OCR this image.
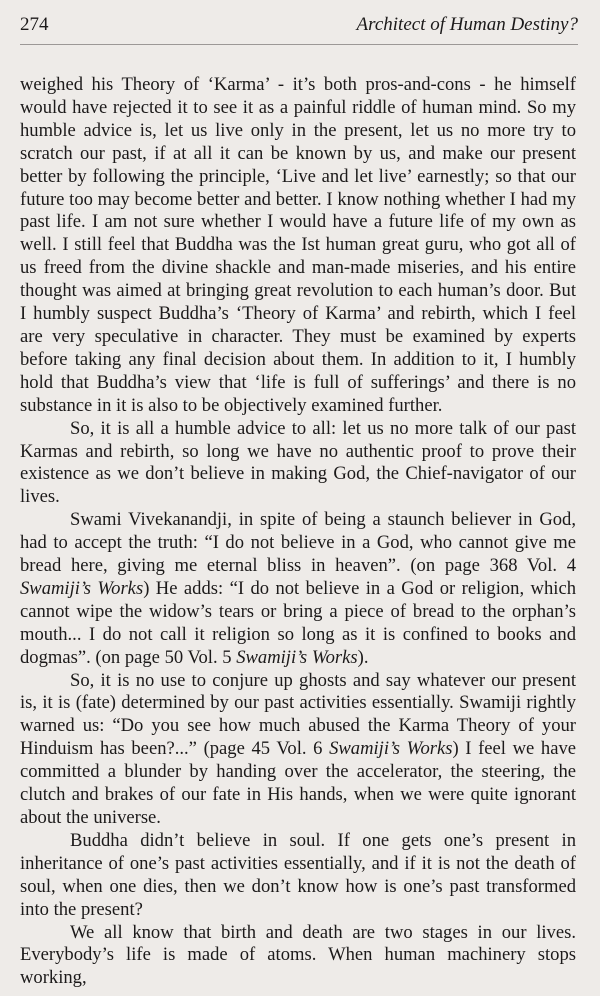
274	Architect of Human Destiny?

weighed his Theory of ‘Karma’ - it’s both pros-and-cons - he himself would have rejected it to see it as a painful riddle of human mind. So my humble advice is, let us live only in the present, let us no more try to scratch our past, if at all it can be known by us, and make our present better by following the principle, ‘Live and let live’ earnestly; so that our future too may become better and better. I know nothing whether I had my past life. I am not sure whether I would have a future life of my own as well. I still feel that Buddha was the Ist human great guru, who got all of us freed from the divine shackle and man-made miseries, and his entire thought was aimed at bringing great revolution to each human’s door. But I humbly suspect Buddha’s ‘Theory of Karma’ and rebirth, which I feel are very speculative in character. They must be examined by experts before taking any final decision about them. In addition to it, I humbly hold that Buddha’s view that ‘life is full of sufferings’ and there is no substance in it is also to be objectively examined further.

So, it is all a humble advice to all: let us no more talk of our past Karmas and rebirth, so long we have no authentic proof to prove their existence as we don’t believe in making God, the Chief-navigator of our lives.

Swami Vivekanandji, in spite of being a staunch believer in God, had to accept the truth: “I do not believe in a God, who cannot give me bread here, giving me eternal bliss in heaven”. (on page 368 Vol. 4 Swamiji’s Works) He adds: “I do not believe in a God or religion, which cannot wipe the widow’s tears or bring a piece of bread to the orphan’s mouth... I do not call it religion so long as it is confined to books and dogmas”. (on page 50 Vol. 5 Swamiji’s Works).

So, it is no use to conjure up ghosts and say whatever our present is, it is (fate) determined by our past activities essentially. Swamiji rightly warned us: “Do you see how much abused the Karma Theory of your Hinduism has been?...” (page 45 Vol. 6 Swamiji’s Works) I feel we have committed a blunder by handing over the accelerator, the steering, the clutch and brakes of our fate in His hands, when we were quite ignorant about the universe.

Buddha didn’t believe in soul. If one gets one’s present in inheritance of one’s past activities essentially, and if it is not the death of soul, when one dies, then we don’t know how is one’s past transformed into the present?

We all know that birth and death are two stages in our lives. Everybody’s life is made of atoms. When human machinery stops working,
